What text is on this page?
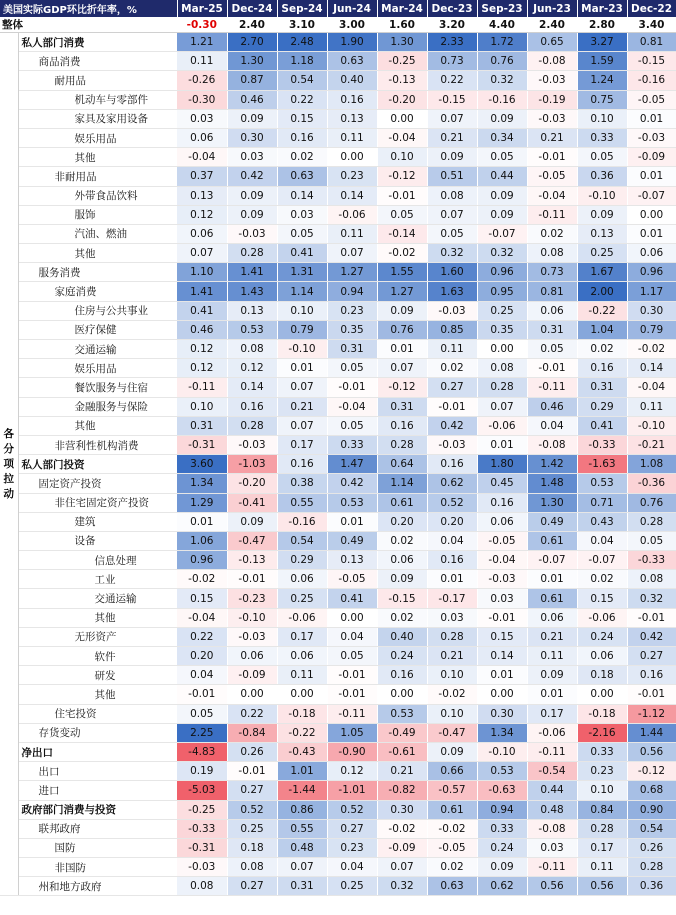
美国实际GDP环比折年率，%		Mar-25	Dec-24	Sep-24	Jun-24	Mar-24	Dec-23	Sep-23	Jun-23	Mar-23	Dec-22
整体		-0.30	2.40	3.10	3.00	1.60	3.20	4.40	2.40	2.80	3.40
各分项拉动	私人部门消费	1.21	2.70	2.48	1.90	1.30	2.33	1.72	0.65	3.27	0.81
	商品消费	0.11	1.30	1.18	0.63	-0.25	0.73	0.76	-0.08	1.59	-0.15
	耐用品	-0.26	0.87	0.54	0.40	-0.13	0.22	0.32	-0.03	1.24	-0.16
	机动车与零部件	-0.30	0.46	0.22	0.16	-0.20	-0.15	-0.16	-0.19	0.75	-0.05
	家具及家用设备	0.03	0.09	0.15	0.13	0.00	0.07	0.09	-0.03	0.10	0.01
	娱乐用品	0.06	0.30	0.16	0.11	-0.04	0.21	0.34	0.21	0.33	-0.03
	其他	-0.04	0.03	0.02	0.00	0.10	0.09	0.05	-0.01	0.05	-0.09
	非耐用品	0.37	0.42	0.63	0.23	-0.12	0.51	0.44	-0.05	0.36	0.01
	外带食品饮料	0.13	0.09	0.14	0.14	-0.01	0.08	0.09	-0.04	-0.10	-0.07
	服饰	0.12	0.09	0.03	-0.06	0.05	0.07	0.09	-0.11	0.09	0.00
	汽油、燃油	0.06	-0.03	0.05	0.11	-0.14	0.05	-0.07	0.02	0.13	0.01
	其他	0.07	0.28	0.41	0.07	-0.02	0.32	0.32	0.08	0.25	0.06
	服务消费	1.10	1.41	1.31	1.27	1.55	1.60	0.96	0.73	1.67	0.96
	家庭消费	1.41	1.43	1.14	0.94	1.27	1.63	0.95	0.81	2.00	1.17
	住房与公共事业	0.41	0.13	0.10	0.23	0.09	-0.03	0.25	0.06	-0.22	0.30
	医疗保健	0.46	0.53	0.79	0.35	0.76	0.85	0.35	0.31	1.04	0.79
	交通运输	0.12	0.08	-0.10	0.31	0.01	0.11	0.00	0.05	0.02	-0.02
	娱乐用品	0.12	0.12	0.01	0.05	0.07	0.02	0.08	-0.01	0.16	0.14
	餐饮服务与住宿	-0.11	0.14	0.07	-0.01	-0.12	0.27	0.28	-0.11	0.31	-0.04
	金融服务与保险	0.10	0.16	0.21	-0.04	0.31	-0.01	0.07	0.46	0.29	0.11
	其他	0.31	0.28	0.07	0.05	0.16	0.42	-0.06	0.04	0.41	-0.10
	非营利性机构消费	-0.31	-0.03	0.17	0.33	0.28	-0.03	0.01	-0.08	-0.33	-0.21
	私人部门投资	3.60	-1.03	0.16	1.47	0.64	0.16	1.80	1.42	-1.63	1.08
	固定资产投资	1.34	-0.20	0.38	0.42	1.14	0.62	0.45	1.48	0.53	-0.36
	非住宅固定资产投资	1.29	-0.41	0.55	0.53	0.61	0.52	0.16	1.30	0.71	0.76
	建筑	0.01	0.09	-0.16	0.01	0.20	0.20	0.06	0.49	0.43	0.28
	设备	1.06	-0.47	0.54	0.49	0.02	0.04	-0.05	0.61	0.04	0.05
	信息处理	0.96	-0.13	0.29	0.13	0.06	0.16	-0.04	-0.07	-0.07	-0.33
	工业	-0.02	-0.01	0.06	-0.05	0.09	0.01	-0.03	0.01	0.02	0.08
	交通运输	0.15	-0.23	0.25	0.41	-0.15	-0.17	0.03	0.61	0.15	0.32
	其他	-0.04	-0.10	-0.06	0.00	0.02	0.03	-0.01	0.06	-0.06	-0.01
	无形资产	0.22	-0.03	0.17	0.04	0.40	0.28	0.15	0.21	0.24	0.42
	软件	0.20	0.06	0.06	0.05	0.24	0.21	0.14	0.11	0.06	0.27
	研发	0.04	-0.09	0.11	-0.01	0.16	0.10	0.01	0.09	0.18	0.16
	其他	-0.01	0.00	0.00	-0.01	0.00	-0.02	0.00	0.01	0.00	-0.01
	住宅投资	0.05	0.22	-0.18	-0.11	0.53	0.10	0.30	0.17	-0.18	-1.12
	存货变动	2.25	-0.84	-0.22	1.05	-0.49	-0.47	1.34	-0.06	-2.16	1.44
	净出口	-4.83	0.26	-0.43	-0.90	-0.61	0.09	-0.10	-0.11	0.33	0.56
	出口	0.19	-0.01	1.01	0.12	0.21	0.66	0.53	-0.54	0.23	-0.12
	进口	-5.03	0.27	-1.44	-1.01	-0.82	-0.57	-0.63	0.44	0.10	0.68
	政府部门消费与投资	-0.25	0.52	0.86	0.52	0.30	0.61	0.94	0.48	0.84	0.90
	联邦政府	-0.33	0.25	0.55	0.27	-0.02	-0.02	0.33	-0.08	0.28	0.54
	国防	-0.31	0.18	0.48	0.23	-0.09	-0.05	0.24	0.03	0.17	0.26
	非国防	-0.03	0.08	0.07	0.04	0.07	0.02	0.09	-0.11	0.11	0.28
	州和地方政府	0.08	0.27	0.31	0.25	0.32	0.63	0.62	0.56	0.56	0.36
